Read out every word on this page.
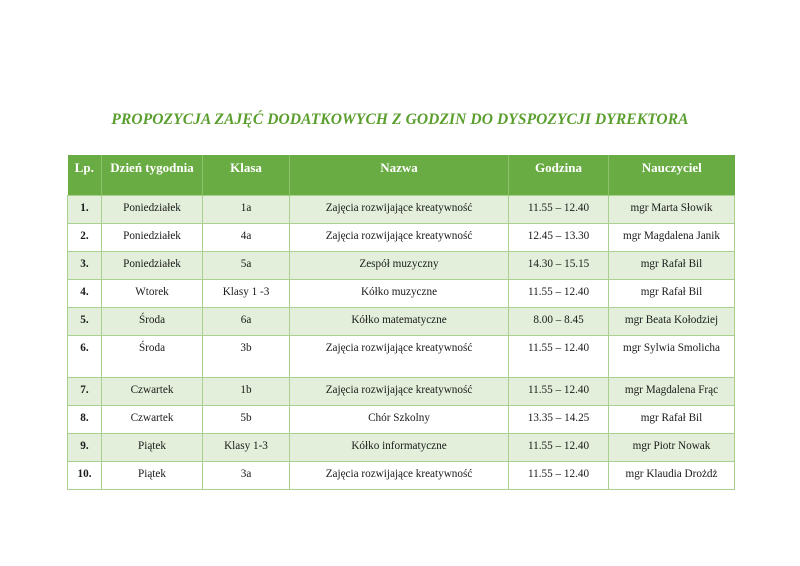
PROPOZYCJA ZAJĘĆ DODATKOWYCH Z GODZIN DO DYSPOZYCJI DYREKTORA
Lp.	Dzień tygodnia	Klasa	Nazwa	Godzina	Nauczyciel
1.	Poniedziałek	1a	Zajęcia rozwijające kreatywność	11.55 – 12.40	mgr Marta Słowik
2.	Poniedziałek	4a	Zajęcia rozwijające kreatywność	12.45 – 13.30	mgr Magdalena Janik
3.	Poniedziałek	5a	Zespół muzyczny	14.30 – 15.15	mgr Rafał Bil
4.	Wtorek	Klasy 1 -3	Kółko muzyczne	11.55 – 12.40	mgr Rafał Bil
5.	Środa	6a	Kółko matematyczne	8.00 – 8.45	mgr Beata Kołodziej
6.	Środa	3b	Zajęcia rozwijające kreatywność	11.55 – 12.40	mgr Sylwia Smolicha
7.	Czwartek	1b	Zajęcia rozwijające kreatywność	11.55 – 12.40	mgr Magdalena Frąc
8.	Czwartek	5b	Chór Szkolny	13.35 – 14.25	mgr Rafał Bil
9.	Piątek	Klasy 1-3	Kółko informatyczne	11.55 – 12.40	mgr Piotr Nowak
10.	Piątek	3a	Zajęcia rozwijające kreatywność	11.55 – 12.40	mgr Klaudia Drożdż
